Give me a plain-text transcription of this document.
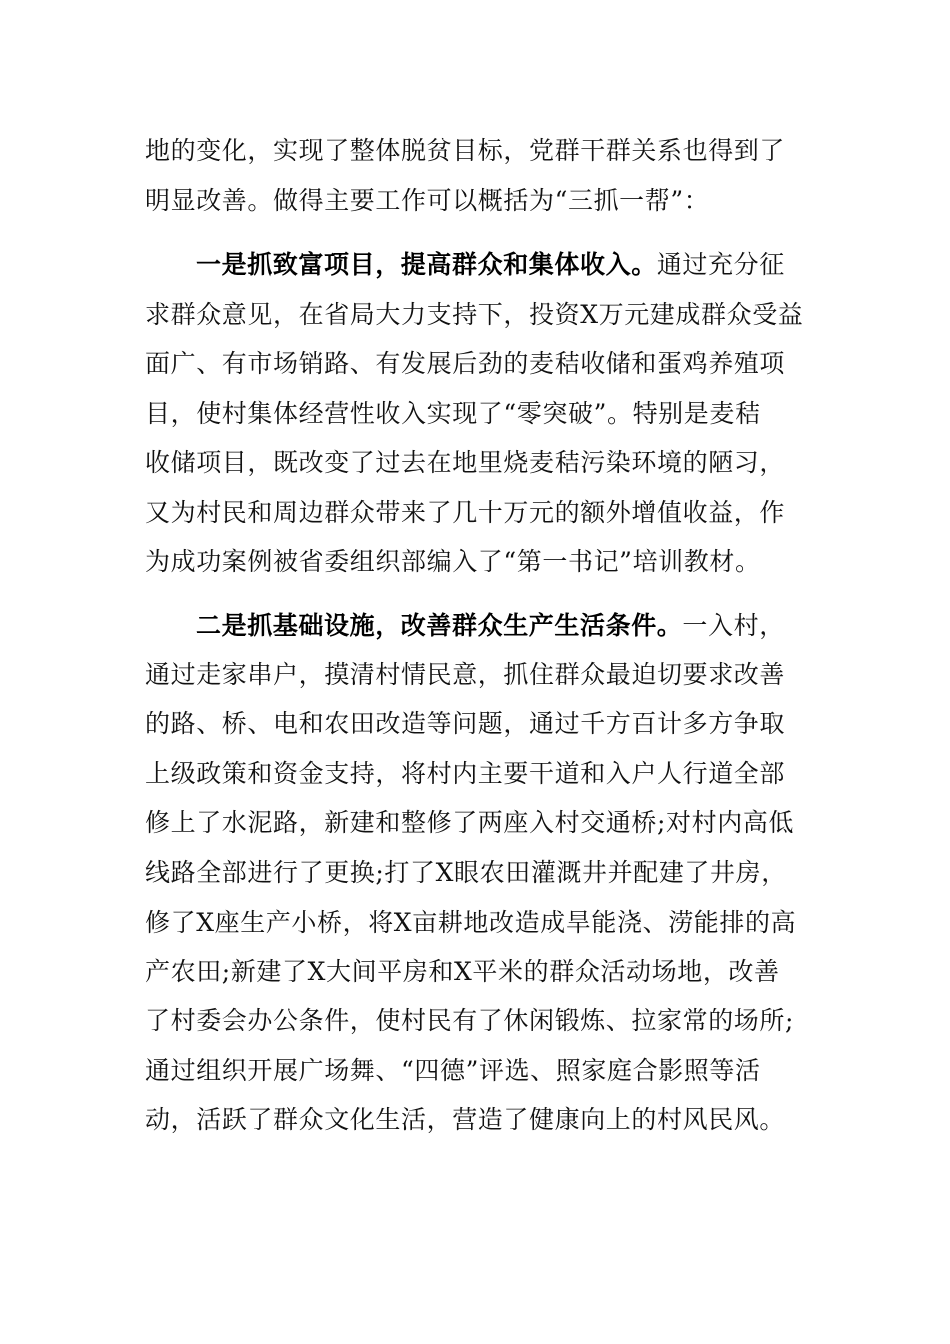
地的变化，实现了整体脱贫目标，党群干群关系也得到了
明显改善。做得主要工作可以概括为“三抓一帮”：
一是抓致富项目，提高群众和集体收入。通过充分征
求群众意见，在省局大力支持下，投资X万元建成群众受益
面广、有市场销路、有发展后劲的麦秸收储和蛋鸡养殖项
目，使村集体经营性收入实现了“零突破”。特别是麦秸
收储项目，既改变了过去在地里烧麦秸污染环境的陋习，
又为村民和周边群众带来了几十万元的额外增值收益，作
为成功案例被省委组织部编入了“第一书记”培训教材。
二是抓基础设施，改善群众生产生活条件。一入村，
通过走家串户，摸清村情民意，抓住群众最迫切要求改善
的路、桥、电和农田改造等问题，通过千方百计多方争取
上级政策和资金支持，将村内主要干道和入户人行道全部
修上了水泥路，新建和整修了两座入村交通桥;对村内高低
线路全部进行了更换;打了X眼农田灌溉井并配建了井房，
修了X座生产小桥，将X亩耕地改造成旱能浇、涝能排的高
产农田;新建了X大间平房和X平米的群众活动场地，改善
了村委会办公条件，使村民有了休闲锻炼、拉家常的场所;
通过组织开展广场舞、“四德”评选、照家庭合影照等活
动，活跃了群众文化生活，营造了健康向上的村风民风。
